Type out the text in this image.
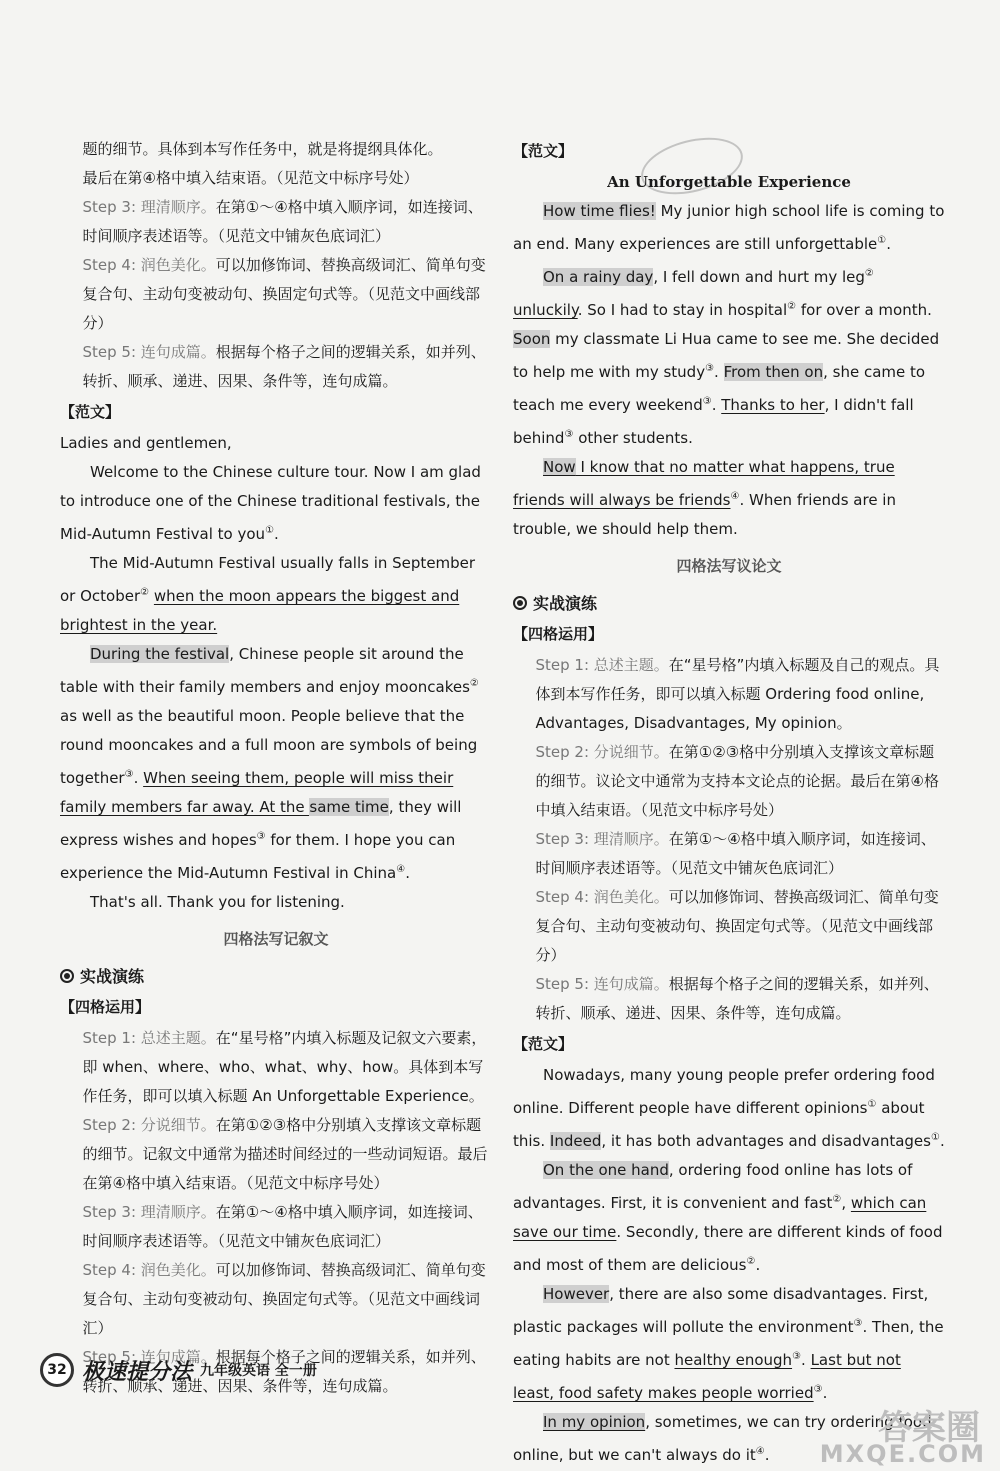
题的细节。具体到本写作任务中，就是将提纲具体化。

最后在第④格中填入结束语。（见范文中标序号处）

Step 3: 理清顺序。在第①～④格中填入顺序词，如连接词、时间顺序表述语等。（见范文中铺灰色底词汇）

Step 4: 润色美化。可以加修饰词、替换高级词汇、简单句变复合句、主动句变被动句、换固定句式等。（见范文中画线部分）

Step 5: 连句成篇。根据每个格子之间的逻辑关系，如并列、转折、顺承、递进、因果、条件等，连句成篇。

【范文】

Ladies and gentlemen,

Welcome to the Chinese culture tour. Now I am glad to introduce one of the Chinese traditional festivals, the Mid-Autumn Festival to you①.

The Mid-Autumn Festival usually falls in September or October② when the moon appears the biggest and brightest in the year.

During the festival, Chinese people sit around the table with their family members and enjoy mooncakes② as well as the beautiful moon. People believe that the round mooncakes and a full moon are symbols of being together③. When seeing them, people will miss their family members far away. At the same time, they will express wishes and hopes③ for them. I hope you can experience the Mid-Autumn Festival in China④.

That's all. Thank you for listening.

四格法写记叙文

实战演练

【四格运用】

Step 1: 总述主题。在“星号格”内填入标题及记叙文六要素，即 when、where、who、what、why、how。具体到本写作任务，即可以填入标题 An Unforgettable Experience。

Step 2: 分说细节。在第①②③格中分别填入支撑该文章标题的细节。记叙文中通常为描述时间经过的一些动词短语。最后在第④格中填入结束语。（见范文中标序号处）

Step 3: 理清顺序。在第①～④格中填入顺序词，如连接词、时间顺序表述语等。（见范文中铺灰色底词汇）

Step 4: 润色美化。可以加修饰词、替换高级词汇、简单句变复合句、主动句变被动句、换固定句式等。（见范文中画线词汇）

Step 5: 连句成篇。根据每个格子之间的逻辑关系，如并列、转折、顺承、递进、因果、条件等，连句成篇。

【范文】

An Unforgettable Experience

How time flies! My junior high school life is coming to an end. Many experiences are still unforgettable①.

On a rainy day, I fell down and hurt my leg② unluckily. So I had to stay in hospital② for over a month. Soon my classmate Li Hua came to see me. She decided to help me with my study③. From then on, she came to teach me every weekend③. Thanks to her, I didn't fall behind③ other students.

Now I know that no matter what happens, true friends will always be friends④. When friends are in trouble, we should help them.

四格法写议论文

实战演练

【四格运用】

Step 1: 总述主题。在“星号格”内填入标题及自己的观点。具体到本写作任务，即可以填入标题 Ordering food online, Advantages, Disadvantages, My opinion。

Step 2: 分说细节。在第①②③格中分别填入支撑该文章标题的细节。议论文中通常为支持本文论点的论据。最后在第④格中填入结束语。（见范文中标序号处）

Step 3: 理清顺序。在第①～④格中填入顺序词，如连接词、时间顺序表述语等。（见范文中铺灰色底词汇）

Step 4: 润色美化。可以加修饰词、替换高级词汇、简单句变复合句、主动句变被动句、换固定句式等。（见范文中画线部分）

Step 5: 连句成篇。根据每个格子之间的逻辑关系，如并列、转折、顺承、递进、因果、条件等，连句成篇。

【范文】

Nowadays, many young people prefer ordering food online. Different people have different opinions① about this. Indeed, it has both advantages and disadvantages①.

On the one hand, ordering food online has lots of advantages. First, it is convenient and fast②, which can save our time. Secondly, there are different kinds of food and most of them are delicious②.

However, there are also some disadvantages. First, plastic packages will pollute the environment③. Then, the eating habits are not healthy enough③. Last but not least, food safety makes people worried③.

In my opinion, sometimes, we can try ordering food online, but we can't always do it④.

32 极速提分法 九年级英语 全一册
答案圈
MXQE.COM
